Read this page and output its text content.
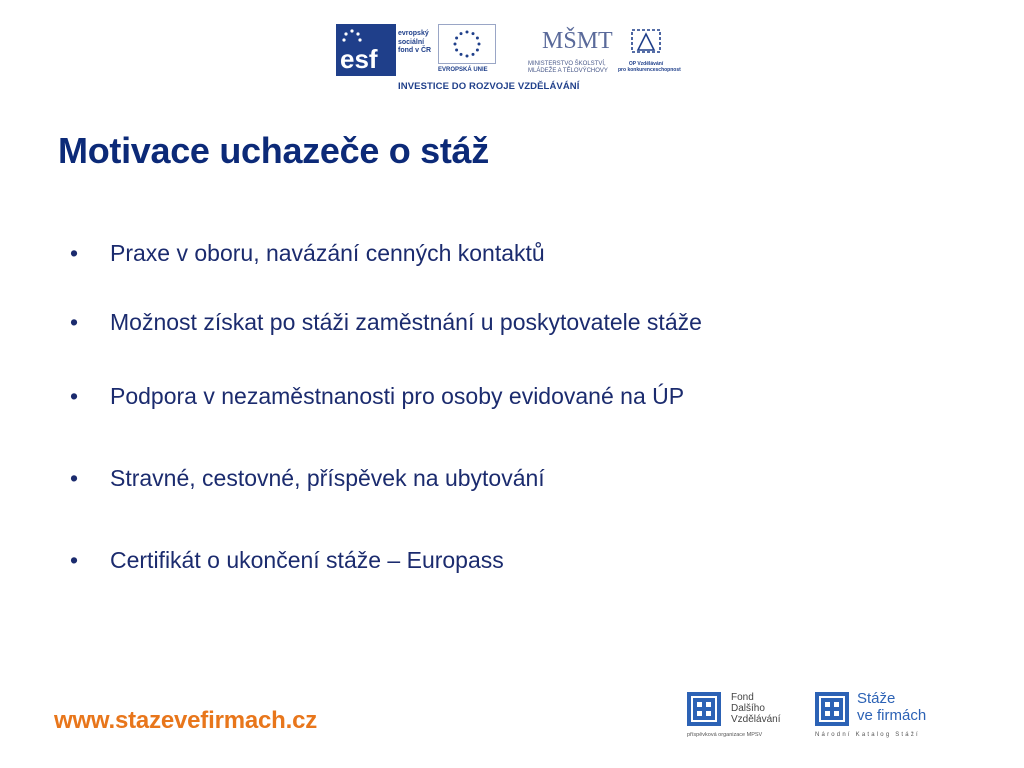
esf
evropský
sociální
fond v ČR
EVROPSKÁ UNIE
MŠMT
MINISTERSTVO ŠKOLSTVÍ,
MLÁDEŽE A TĚLOVÝCHOVY
OP Vzdělávání
pro konkurenceschopnost
INVESTICE DO ROZVOJE VZDĚLÁVÁNÍ
Motivace uchazeče o stáž
• Praxe v oboru, navázání cenných kontaktů
• Možnost získat po stáži zaměstnání u poskytovatele stáže
• Podpora v nezaměstnanosti pro osoby evidované na ÚP
• Stravné, cestovné, příspěvek na ubytování
• Certifikát o ukončení stáže – Europass
www.stazevefirmach.cz
Fond
Dalšího
Vzdělávání
příspěvková organizace MPSV
Stáže
ve firmách
Národní Katalog Stáží
